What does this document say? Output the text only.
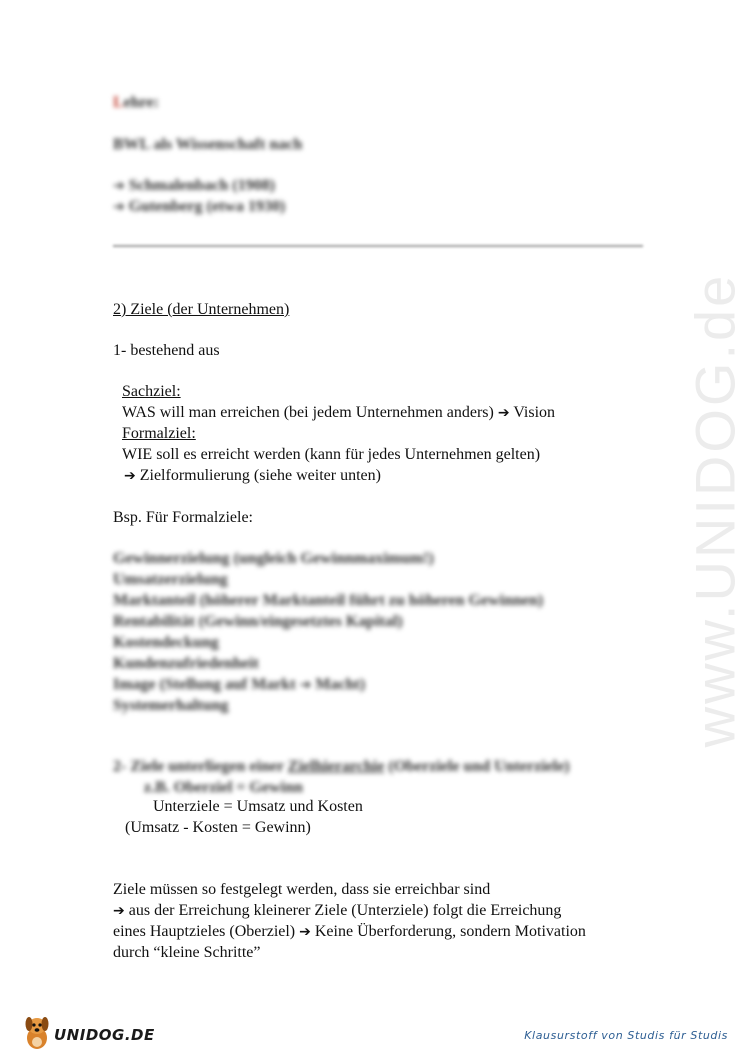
Lehre:
BWL als Wissenschaft nach
➔ Schmalenbach (1908)
➔ Gutenberg (etwa 1930)
2) Ziele (der Unternehmen)
1- bestehend aus
Sachziel:
WAS will man erreichen (bei jedem Unternehmen anders) ➔ Vision
Formalziel:
WIE soll es erreicht werden (kann für jedes Unternehmen gelten)
➔ Zielformulierung (siehe weiter unten)
Bsp. Für Formalziele:
Gewinnerzielung (ungleich Gewinnmaximum!)
Umsatzerzielung
Marktanteil (höherer Marktanteil führt zu höheren Gewinnen)
Rentabilität (Gewinn/eingesetztes Kapital)
Kostendeckung
Kundenzufriedenheit
Image (Stellung auf Markt ➔ Macht)
Systemerhaltung
2- Ziele unterliegen einer Zielhierarchie (Oberziele und Unterziele)
z.B. Oberziel = Gewinn
Unterziele = Umsatz und Kosten
(Umsatz - Kosten = Gewinn)
Ziele müssen so festgelegt werden, dass sie erreichbar sind
➔ aus der Erreichung kleinerer Ziele (Unterziele) folgt die Erreichung
eines Hauptzieles (Oberziel) ➔ Keine Überforderung, sondern Motivation
durch “kleine Schritte”
www.UNIDOG.de
UNIDOG.DE	Klausurstoff von Studis für Studis
